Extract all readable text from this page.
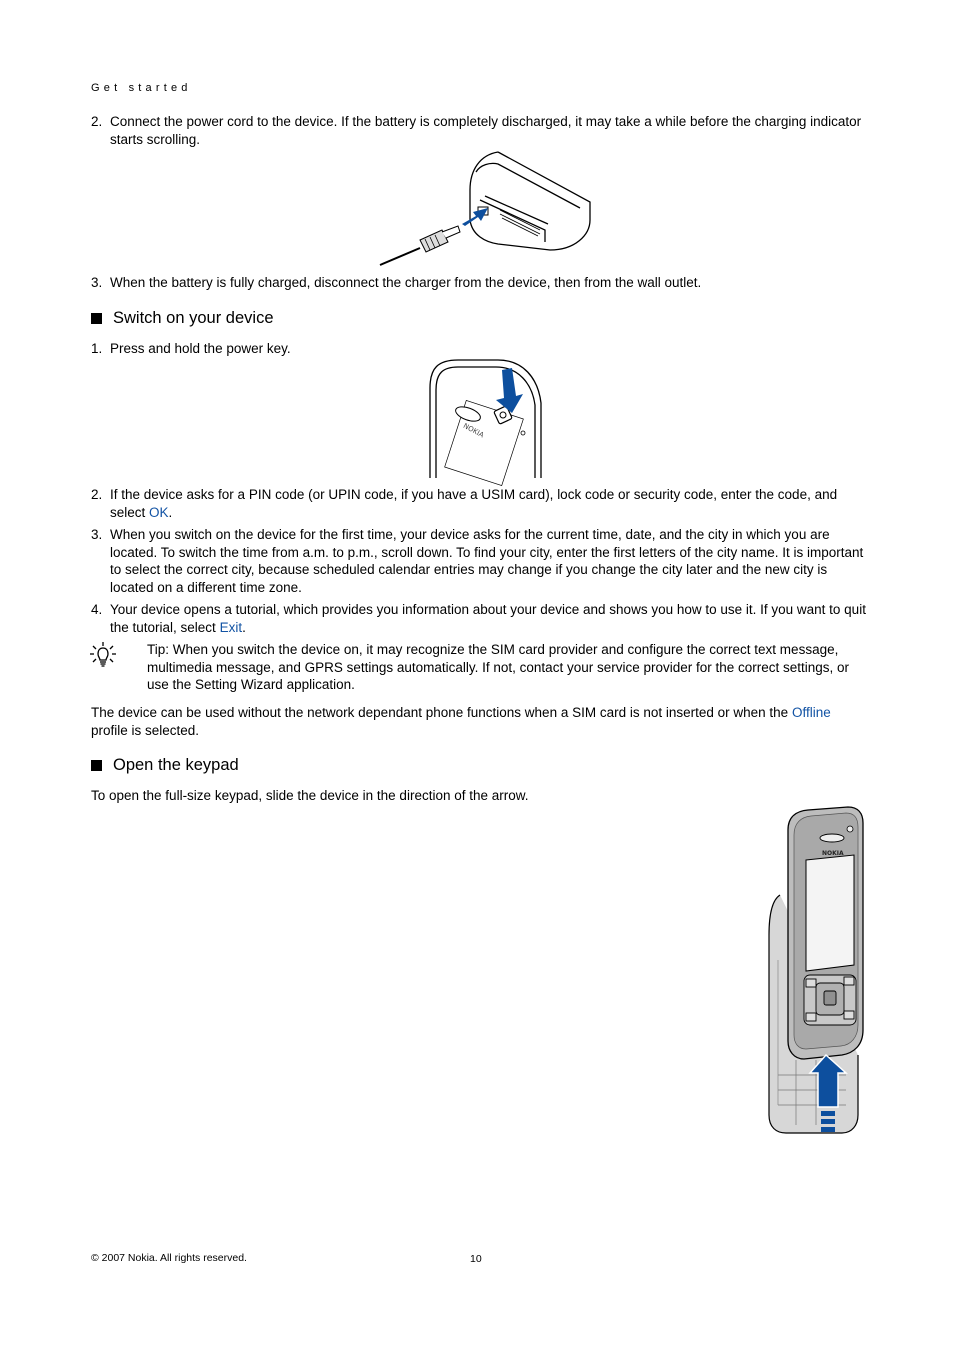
Get started
2. Connect the power cord to the device. If the battery is completely discharged, it may take a while before the charging indicator starts scrolling.
3. When the battery is fully charged, disconnect the charger from the device, then from the wall outlet.
Switch on your device
1. Press and hold the power key.
NOKIA
2. If the device asks for a PIN code (or UPIN code, if you have a USIM card), lock code or security code, enter the code, and select OK.
3. When you switch on the device for the first time, your device asks for the current time, date, and the city in which you are located. To switch the time from a.m. to p.m., scroll down. To find your city, enter the first letters of the city name. It is important to select the correct city, because scheduled calendar entries may change if you change the city later and the new city is located on a different time zone.
4. Your device opens a tutorial, which provides you information about your device and shows you how to use it. If you want to quit the tutorial, select Exit.
Tip: When you switch the device on, it may recognize the SIM card provider and configure the correct text message, multimedia message, and GPRS settings automatically. If not, contact your service provider for the correct settings, or use the Setting Wizard application.
The device can be used without the network dependant phone functions when a SIM card is not inserted or when the Offline profile is selected.
Open the keypad
To open the full-size keypad, slide the device in the direction of the arrow.
NOKIA
© 2007 Nokia. All rights reserved.	10
